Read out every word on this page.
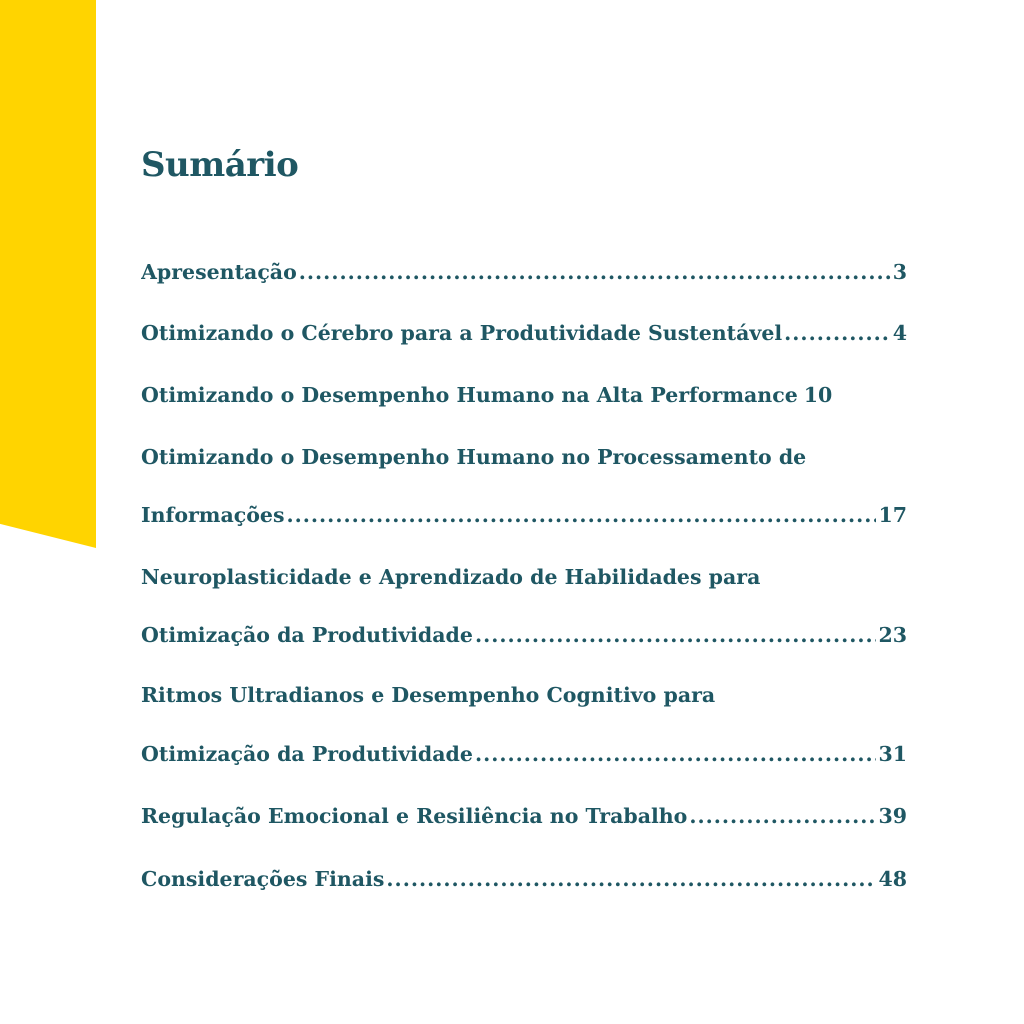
Sumário
Apresentação .....	3
Otimizando o Cérebro para a Produtividade Sustentável .....	4
Otimizando o Desempenho Humano na Alta Performance 10
Otimizando o Desempenho Humano no Processamento de
Informações .....	17
Neuroplasticidade e Aprendizado de Habilidades para
Otimização da Produtividade .....	23
Ritmos Ultradianos e Desempenho Cognitivo para
Otimização da Produtividade .....	31
Regulação Emocional e Resiliência no Trabalho .....	39
Considerações Finais .....	48
